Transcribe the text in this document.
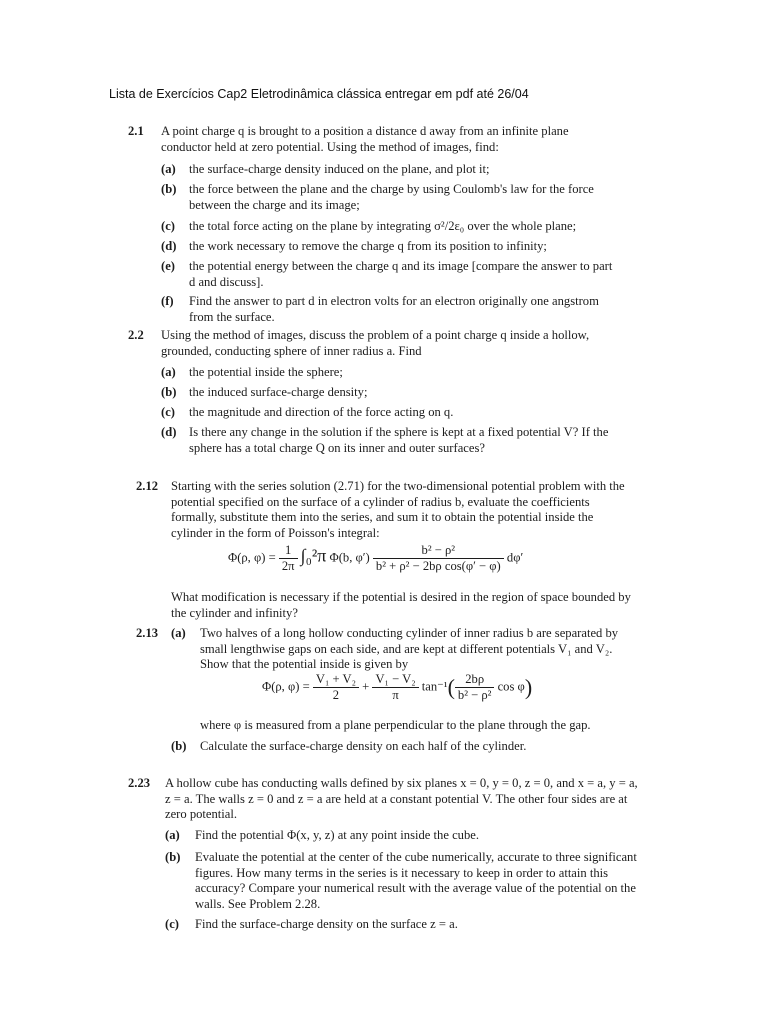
Lista de Exercícios Cap2 Eletrodinâmica clássica entregar em pdf até 26/04
2.1 A point charge q is brought to a position a distance d away from an infinite plane conductor held at zero potential. Using the method of images, find:
(a) the surface-charge density induced on the plane, and plot it;
(b) the force between the plane and the charge by using Coulomb's law for the force between the charge and its image;
(c) the total force acting on the plane by integrating σ²/2ε₀ over the whole plane;
(d) the work necessary to remove the charge q from its position to infinity;
(e) the potential energy between the charge q and its image [compare the answer to part d and discuss].
(f) Find the answer to part d in electron volts for an electron originally one angstrom from the surface.
2.2 Using the method of images, discuss the problem of a point charge q inside a hollow, grounded, conducting sphere of inner radius a. Find
(a) the potential inside the sphere;
(b) the induced surface-charge density;
(c) the magnitude and direction of the force acting on q.
(d) Is there any change in the solution if the sphere is kept at a fixed potential V? If the sphere has a total charge Q on its inner and outer surfaces?
2.12 Starting with the series solution (2.71) for the two-dimensional potential problem with the potential specified on the surface of a cylinder of radius b, evaluate the coefficients formally, substitute them into the series, and sum it to obtain the potential inside the cylinder in the form of Poisson's integral:
Φ(ρ, $\varphi) = \frac{1}{2\pi} \int_0^2\pi$ Φ(b, $\varphi') \frac{\text{b² − ρ²}}{\text{b² + ρ² − 2bρ cos(φ′ − φ)}} d\varphi'$
What modification is necessary if the potential is desired in the region of space bounded by the cylinder and infinity?
2.13 (a) Two halves of a long hollow conducting cylinder of inner radius b are separated by small lengthwise gaps on each side, and are kept at different potentials V₁ and V₂. Show that the potential inside is given by
Φ(ρ, $\varphi) = \frac{\text{V₁ + V₂}}{2} + \frac{\text{V₁ − V₂}}{\pi} \tan^{-1}( \frac{2b\rho}{\text{b² − ρ²}}$ cos φ)
where φ is measured from a plane perpendicular to the plane through the gap.
(b) Calculate the surface-charge density on each half of the cylinder.
2.23 A hollow cube has conducting walls defined by six planes x = 0, y = 0, z = 0, and x = a, y = a, z = a. The walls z = 0 and z = a are held at a constant potential V. The other four sides are at zero potential.
(a) Find the potential Φ(x, y, z) at any point inside the cube.
(b) Evaluate the potential at the center of the cube numerically, accurate to three significant figures. How many terms in the series is it necessary to keep in order to attain this accuracy? Compare your numerical result with the average value of the potential on the walls. See Problem 2.28.
(c) Find the surface-charge density on the surface z = a.
